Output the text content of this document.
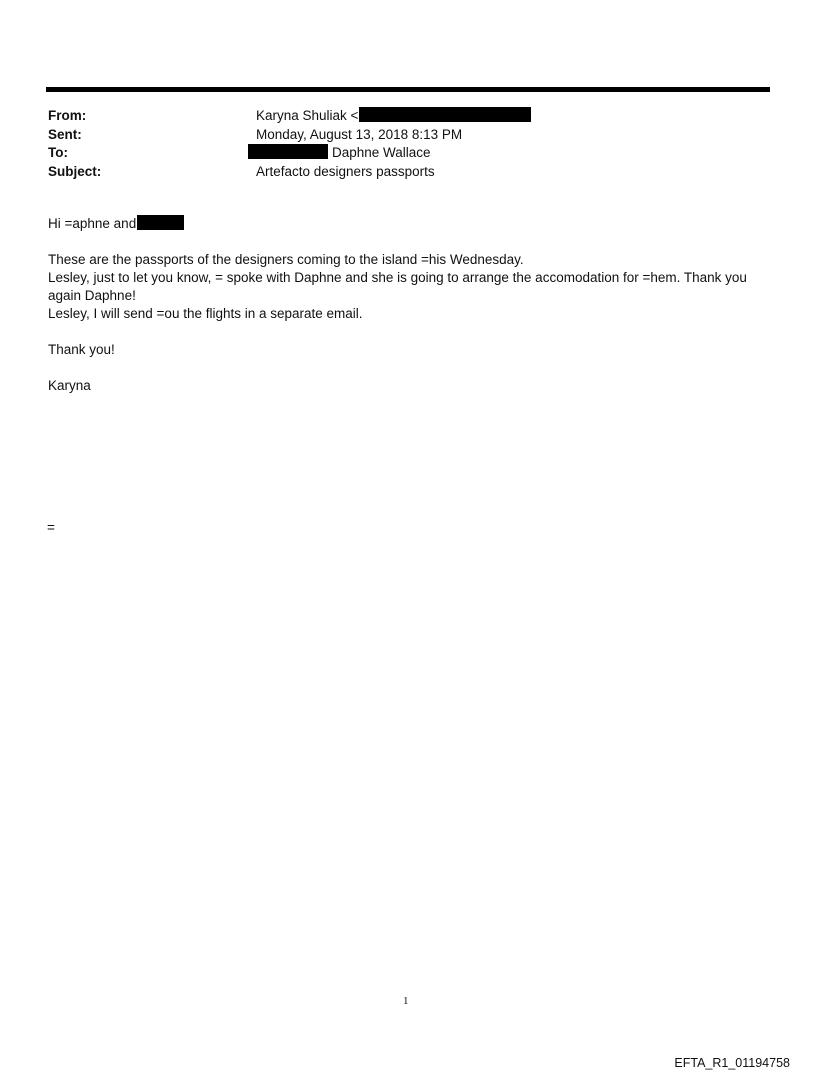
From:	Karyna Shuliak <
Sent:	Monday, August 13, 2018 8:13 PM
To:	Daphne Wallace
Subject:	Artefacto designers passports
Hi =aphne and
These are the passports of the designers coming to the island =his Wednesday.
Lesley, just to let you know, = spoke with Daphne and she is going to arrange the accomodation for =hem. Thank you
again Daphne!
Lesley, I will send =ou the flights in a separate email.
Thank you!
Karyna
=
1
EFTA_R1_01194758
